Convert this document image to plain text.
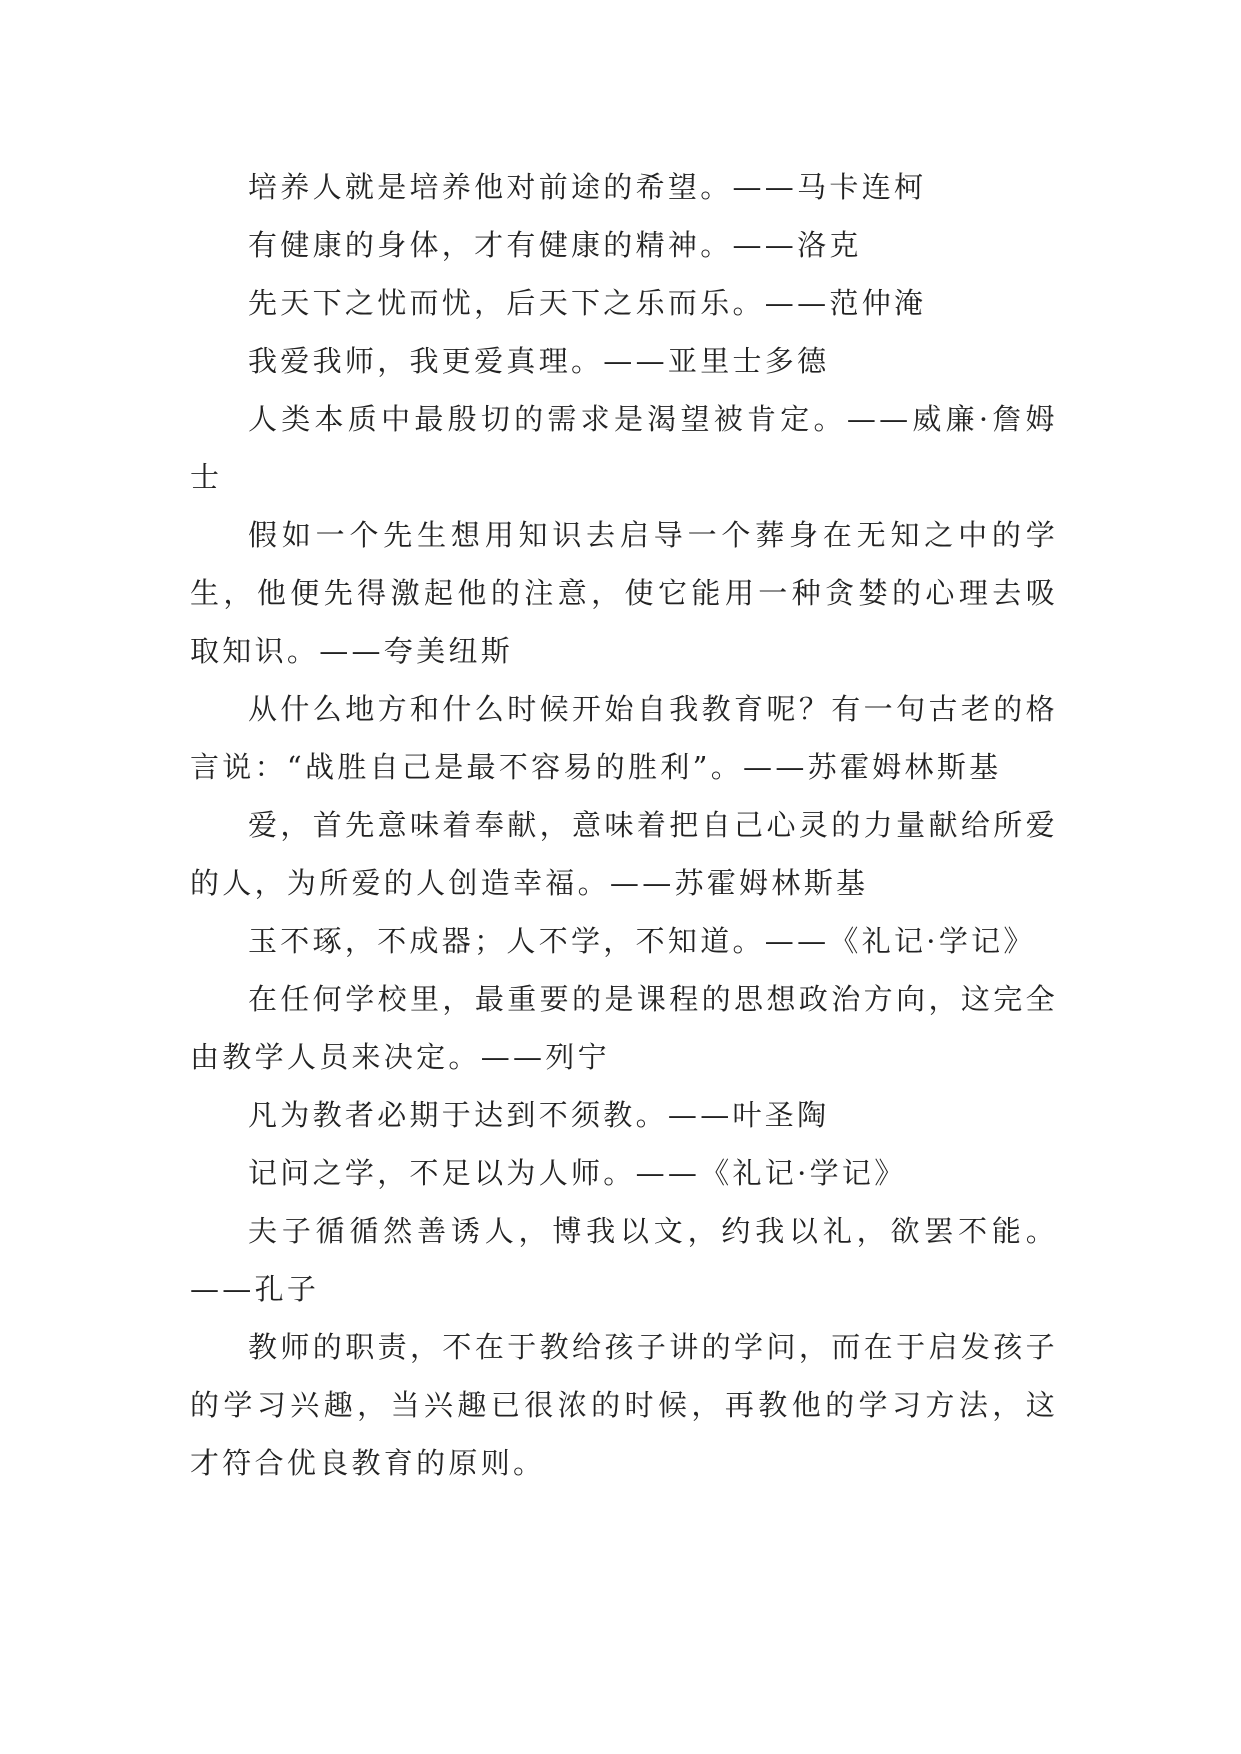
培养人就是培养他对前途的希望。——马卡连柯

有健康的身体，才有健康的精神。——洛克

先天下之忧而忧，后天下之乐而乐。——范仲淹

我爱我师，我更爱真理。——亚里士多德

人类本质中最殷切的需求是渴望被肯定。——威廉·詹姆士

假如一个先生想用知识去启导一个葬身在无知之中的学生，他便先得激起他的注意，使它能用一种贪婪的心理去吸取知识。——夸美纽斯

从什么地方和什么时候开始自我教育呢？有一句古老的格言说：“战胜自己是最不容易的胜利”。——苏霍姆林斯基

爱，首先意味着奉献，意味着把自己心灵的力量献给所爱的人，为所爱的人创造幸福。——苏霍姆林斯基

玉不琢，不成器；人不学，不知道。——《礼记·学记》

在任何学校里，最重要的是课程的思想政治方向，这完全由教学人员来决定。——列宁

凡为教者必期于达到不须教。——叶圣陶

记问之学，不足以为人师。——《礼记·学记》

夫子循循然善诱人，博我以文，约我以礼，欲罢不能。——孔子

教师的职责，不在于教给孩子讲的学问，而在于启发孩子的学习兴趣，当兴趣已很浓的时候，再教他的学习方法，这才符合优良教育的原则。
